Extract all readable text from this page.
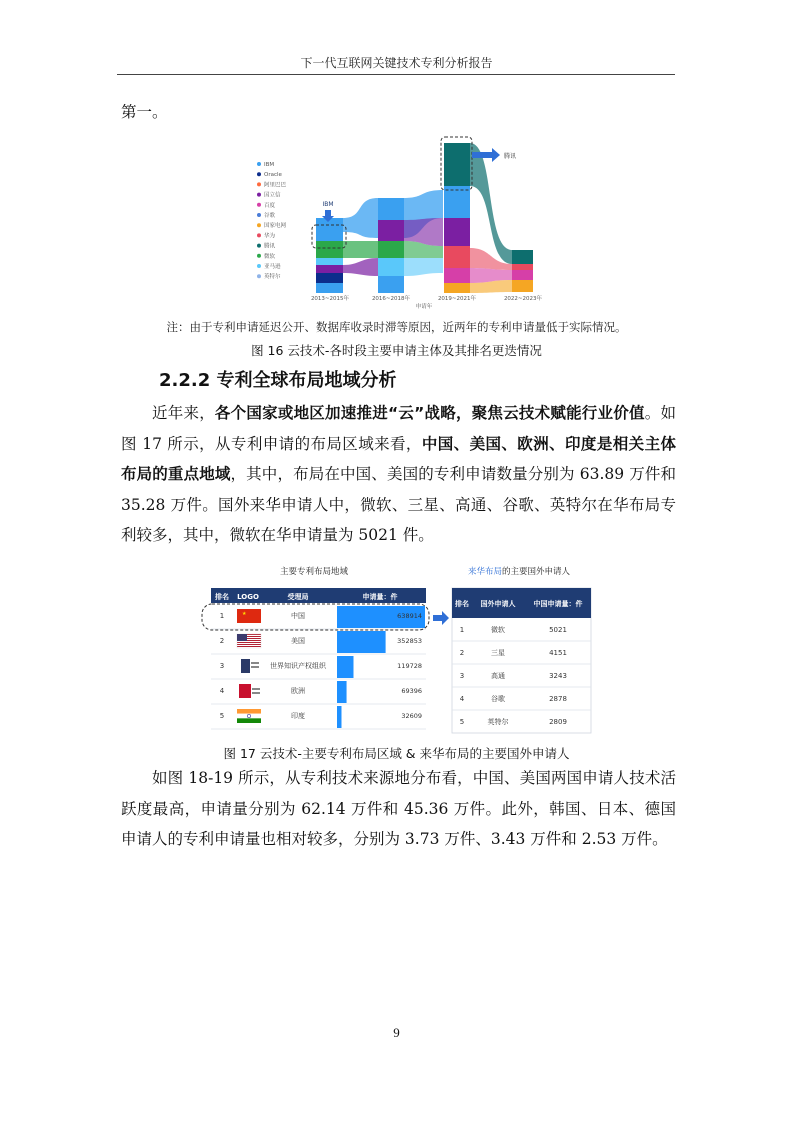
下一代互联网关键技术专利分析报告

第一。

IBM
Oracle
阿里巴巴
国立信
百度
谷歌
国家电网
华为
腾讯
微软
亚马逊
英特尔
IBM
腾讯
2013~2015年	2016~2018年	2019~2021年	2022~2023年
申请年
注：由于专利申请延迟公开、数据库收录时滞等原因，近两年的专利申请量低于实际情况。
图 16 云技术-各时段主要申请主体及其排名更迭情况
2.2.2 专利全球布局地域分析

近年来，各个国家或地区加速推进“云”战略，聚焦云技术赋能行业价值。如图 17 所示，从专利申请的布局区域来看，中国、美国、欧洲、印度是相关主体布局的重点地域，其中，布局在中国、美国的专利申请数量分别为 63.89 万件和 35.28 万件。国外来华申请人中，微软、三星、高通、谷歌、英特尔在华布局专利较多，其中，微软在华申请量为 5021 件。

主要专利布局地域
排名 LOGO	受理局	申请量：件
1	★	中国	638914
2	美国	352853
3	世界知识产权组织	119728
4	欧洲	69396
5	印度	32609
来华布局的主要国外申请人
排名 国外申请人	中国申请量：件
1	微软	5021
2	三星	4151
3	高通	3243
4	谷歌	2878
5	英特尔	2809
图 17 云技术-主要专利布局区域 & 来华布局的主要国外申请人

如图 18-19 所示，从专利技术来源地分布看，中国、美国两国申请人技术活跃度最高，申请量分别为 62.14 万件和 45.36 万件。此外，韩国、日本、德国申请人的专利申请量也相对较多，分别为 3.73 万件、3.43 万件和 2.53 万件。

9
